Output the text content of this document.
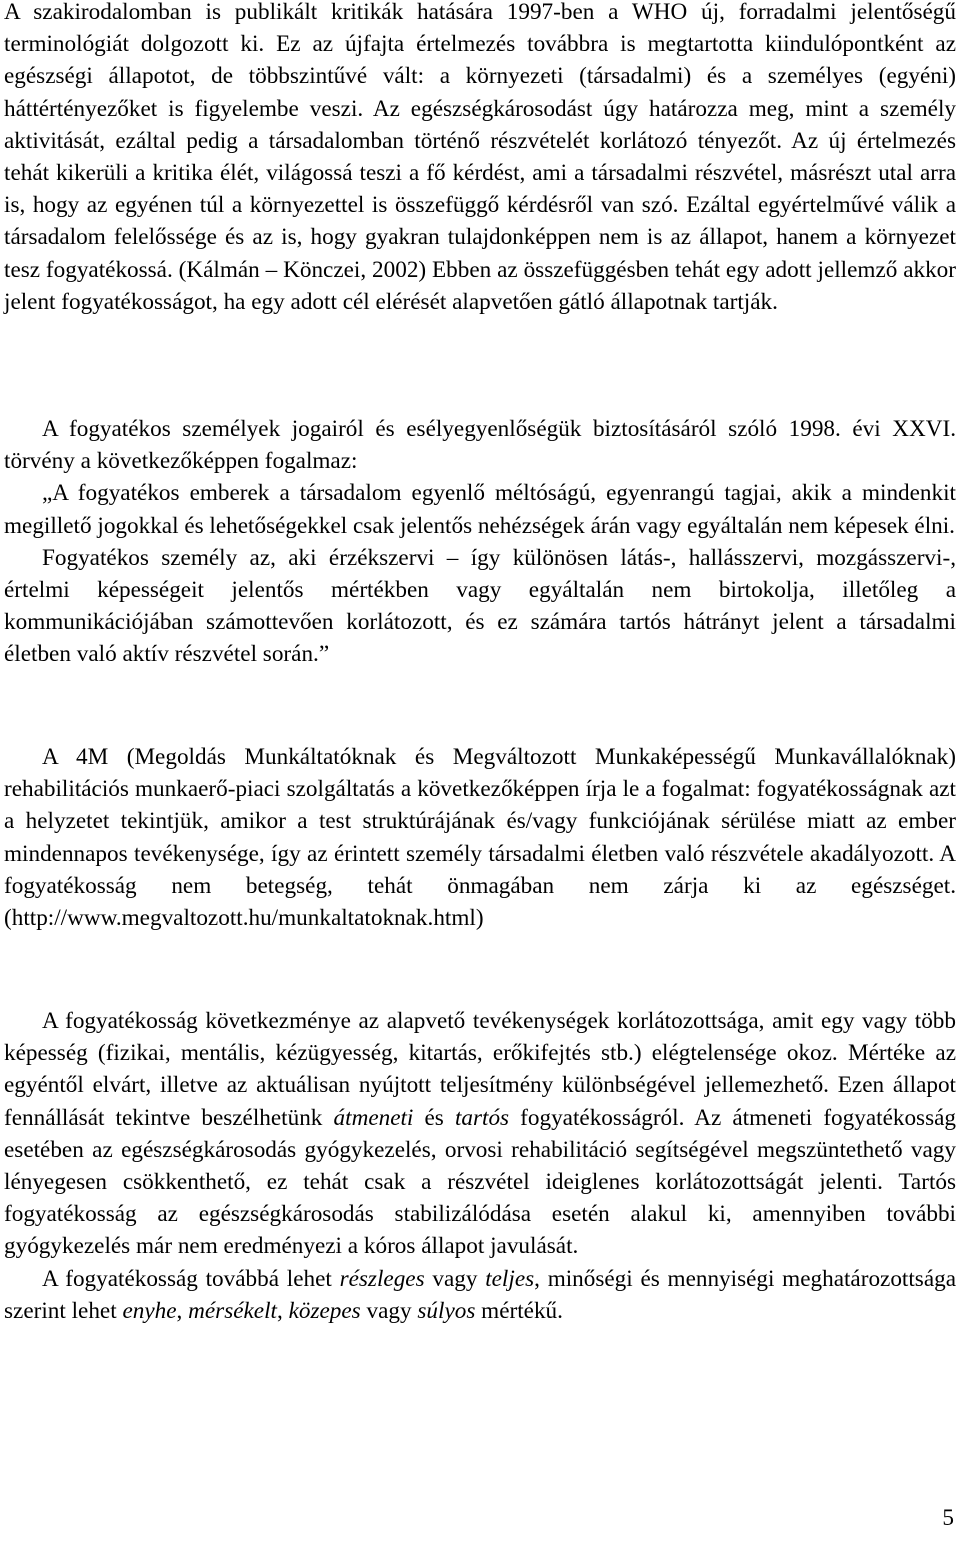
A szakirodalomban is publikált kritikák hatására 1997-ben a WHO új, forradalmi jelentőségű terminológiát dolgozott ki. Ez az újfajta értelmezés továbbra is megtartotta kiindulópontként az egészségi állapotot, de többszintűvé vált: a környezeti (társadalmi) és a személyes (egyéni) háttértényezőket is figyelembe veszi. Az egészségkárosodást úgy határozza meg, mint a személy aktivitását, ezáltal pedig a társadalomban történő részvételét korlátozó tényezőt. Az új értelmezés tehát kikerüli a kritika élét, világossá teszi a fő kérdést, ami a társadalmi részvétel, másrészt utal arra is, hogy az egyénen túl a környezettel is összefüggő kérdésről van szó. Ezáltal egyértelművé válik a társadalom felelőssége és az is, hogy gyakran tulajdonképpen nem is az állapot, hanem a környezet tesz fogyatékossá. (Kálmán – Könczei, 2002) Ebben az összefüggésben tehát egy adott jellemző akkor jelent fogyatékosságot, ha egy adott cél elérését alapvetően gátló állapotnak tartják.

A fogyatékos személyek jogairól és esélyegyenlőségük biztosításáról szóló 1998. évi XXVI. törvény a következőképpen fogalmaz:
„A fogyatékos emberek a társadalom egyenlő méltóságú, egyenrangú tagjai, akik a mindenkit megillető jogokkal és lehetőségekkel csak jelentős nehézségek árán vagy egyáltalán nem képesek élni.
Fogyatékos személy az, aki érzékszervi – így különösen látás-, hallásszervi, mozgásszervi-, értelmi képességeit jelentős mértékben vagy egyáltalán nem birtokolja, illetőleg a kommunikációjában számottevően korlátozott, és ez számára tartós hátrányt jelent a társadalmi életben való aktív részvétel során.”

A 4M (Megoldás Munkáltatóknak és Megváltozott Munkaképességű Munkavállalóknak) rehabilitációs munkaerő-piaci szolgáltatás a következőképpen írja le a fogalmat: fogyatékosságnak azt a helyzetet tekintjük, amikor a test struktúrájának és/vagy funkciójának sérülése miatt az ember mindennapos tevékenysége, így az érintett személy társadalmi életben való részvétele akadályozott. A fogyatékosság nem betegség, tehát önmagában nem zárja ki az egészséget. (http://www.megvaltozott.hu/munkaltatoknak.html)

A fogyatékosság következménye az alapvető tevékenységek korlátozottsága, amit egy vagy több képesség (fizikai, mentális, kézügyesség, kitartás, erőkifejtés stb.) elégtelensége okoz. Mértéke az egyéntől elvárt, illetve az aktuálisan nyújtott teljesítmény különbségével jellemezhető. Ezen állapot fennállását tekintve beszélhetünk átmeneti és tartós fogyatékosságról. Az átmeneti fogyatékosság esetében az egészségkárosodás gyógykezelés, orvosi rehabilitáció segítségével megszüntethető vagy lényegesen csökkenthető, ez tehát csak a részvétel ideiglenes korlátozottságát jelenti. Tartós fogyatékosság az egészségkárosodás stabilizálódása esetén alakul ki, amennyiben további gyógykezelés már nem eredményezi a kóros állapot javulását.
A fogyatékosság továbbá lehet részleges vagy teljes, minőségi és mennyiségi meghatározottsága szerint lehet enyhe, mérsékelt, közepes vagy súlyos mértékű.
5
